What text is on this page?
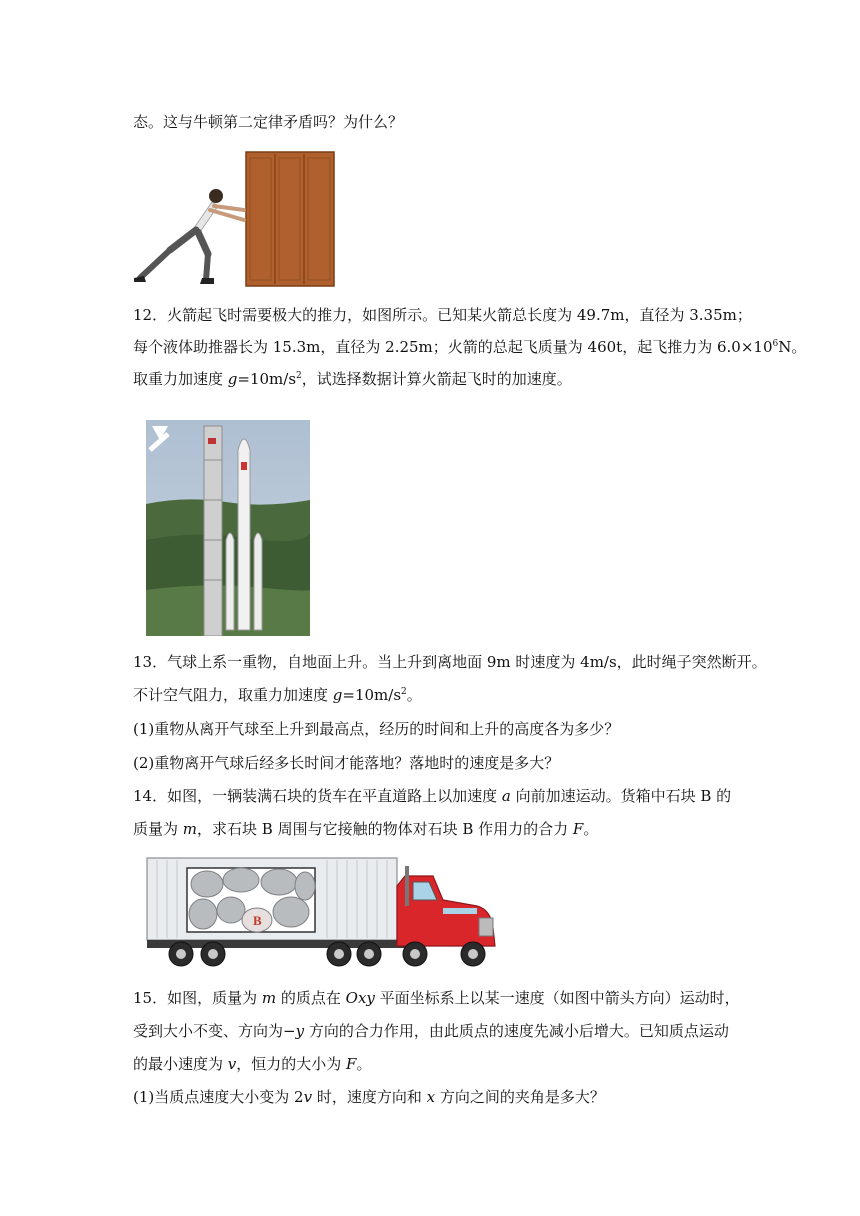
态。这与牛顿第二定律矛盾吗？为什么？
12．火箭起飞时需要极大的推力，如图所示。已知某火箭总长度为 49.7m，直径为 3.35m；
每个液体助推器长为 15.3m，直径为 2.25m；火箭的总起飞质量为 460t，起飞推力为 $6.0\times 10^6N$。
取重力加速度 $g=10m/s^2$，试选择数据计算火箭起飞时的加速度。
13．气球上系一重物，自地面上升。当上升到离地面 9m 时速度为 4m/s，此时绳子突然断开。
不计空气阻力，取重力加速度 $g=10m/s^2$。
(1)重物从离开气球至上升到最高点，经历的时间和上升的高度各为多少？
(2)重物离开气球后经多长时间才能落地？落地时的速度是多大？
14．如图，一辆装满石块的货车在平直道路上以加速度 a 向前加速运动。货箱中石块 B 的
质量为 m，求石块 B 周围与它接触的物体对石块 B 作用力的合力 F。
B
15．如图，质量为 m 的质点在 Oxy 平面坐标系上以某一速度（如图中箭头方向）运动时，
受到大小不变、方向为−y 方向的合力作用，由此质点的速度先减小后增大。已知质点运动
的最小速度为 v，恒力的大小为 F。
(1)当质点速度大小变为 2v 时，速度方向和 x 方向之间的夹角是多大？
